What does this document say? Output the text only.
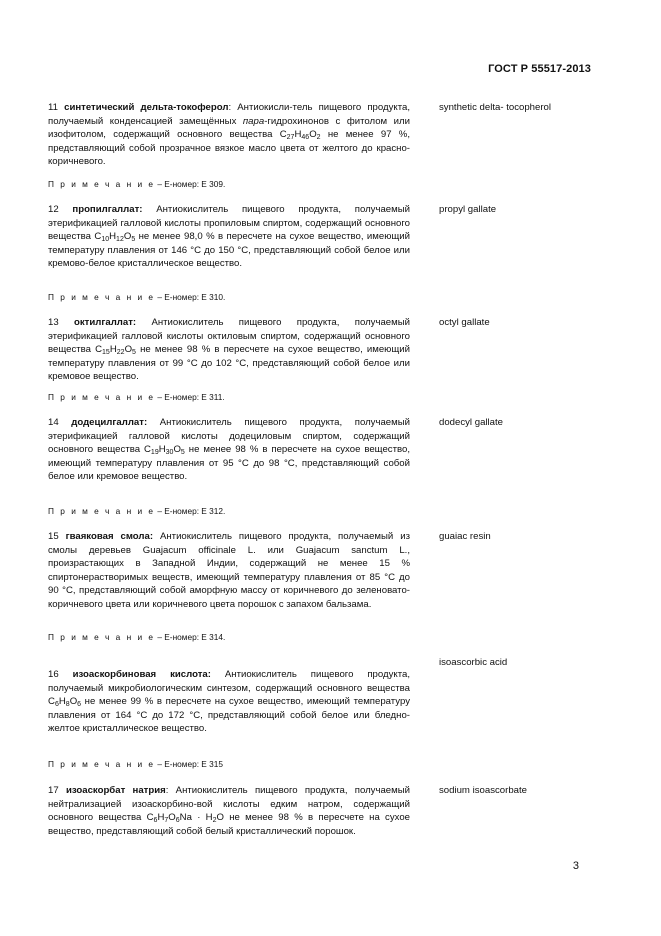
ГОСТ Р 55517-2013
11 синтетический дельта-токоферол: Антиокисли-тель пищевого продукта, получаемый конденсацией замещённых пара-гидрохинонов с фитолом или изофитолом, содержащий основного вещества $C_{27}H_{46}O_2$ не менее 97 %, представляющий собой прозрачное вязкое масло цвета от желтого до красно-коричневого.
synthetic delta- tocopherol
П р и м е ч а н и е – Е-номер: Е 309.
12 пропилгаллат: Антиокислитель пищевого продукта, получаемый этерификацией галловой кислоты пропиловым спиртом, содержащий основного вещества $C_{10}H_{12}O_5$ не менее 98,0 % в пересчете на сухое вещество, имеющий температуру плавления от 146 °C до 150 °C, представляющий собой белое или кремово-белое кристаллическое вещество.
propyl gallate
П р и м е ч а н и е – Е-номер: Е 310.
13 октилгаллат: Антиокислитель пищевого продукта, получаемый этерификацией галловой кислоты октиловым спиртом, содержащий основного вещества $C_{15}H_{22}O_5$ не менее 98 % в пересчете на сухое вещество, имеющий температуру плавления от 99 °C до 102 °C, представляющий собой белое или кремовое вещество.
octyl gallate
П р и м е ч а н и е – Е-номер: Е 311.
14 додецилгаллат: Антиокислитель пищевого продукта, получаемый этерификацией галловой кислоты додециловым спиртом, содержащий основного вещества $C_{19}H_{30}O_5$ не менее 98 % в пересчете на сухое вещество, имеющий температуру плавления от 95 °C до 98 °C, представляющий собой белое или кремовое вещество.
dodecyl gallate
П р и м е ч а н и е – Е-номер: Е 312.
15 гваяковая смола: Антиокислитель пищевого продукта, получаемый из смолы деревьев Guajacum officinale L. или Guajacum sanctum L., произрастающих в Западной Индии, содержащий не менее 15 % спиртонерастворимых веществ, имеющий температуру плавления от 85 °C до 90 °C, представляющий собой аморфную массу от коричневого до зеленовато-коричневого цвета или коричневого цвета порошок с запахом бальзама.
guaiac resin
П р и м е ч а н и е – Е-номер: Е 314.
16 изоаскорбиновая кислота: Антиокислитель пищевого продукта, получаемый микробиологическим синтезом, содержащий основного вещества $C_6H_8O_6$ не менее 99 % в пересчете на сухое вещество, имеющий температуру плавления от 164 °C до 172 °C, представляющий собой белое или бледно-желтое кристаллическое вещество.
isoascorbic acid
П р и м е ч а н и е – Е-номер: Е 315
17 изоаскорбат натрия: Антиокислитель пищевого продукта, получаемый нейтрализацией изоаскорбино-вой кислоты едким натром, содержащий основного вещества $C_6H_7O_6Na \cdot H_2O$ не менее 98 % в пересчете на сухое вещество, представляющий собой белый кристаллический порошок.
sodium isoascorbate
3
